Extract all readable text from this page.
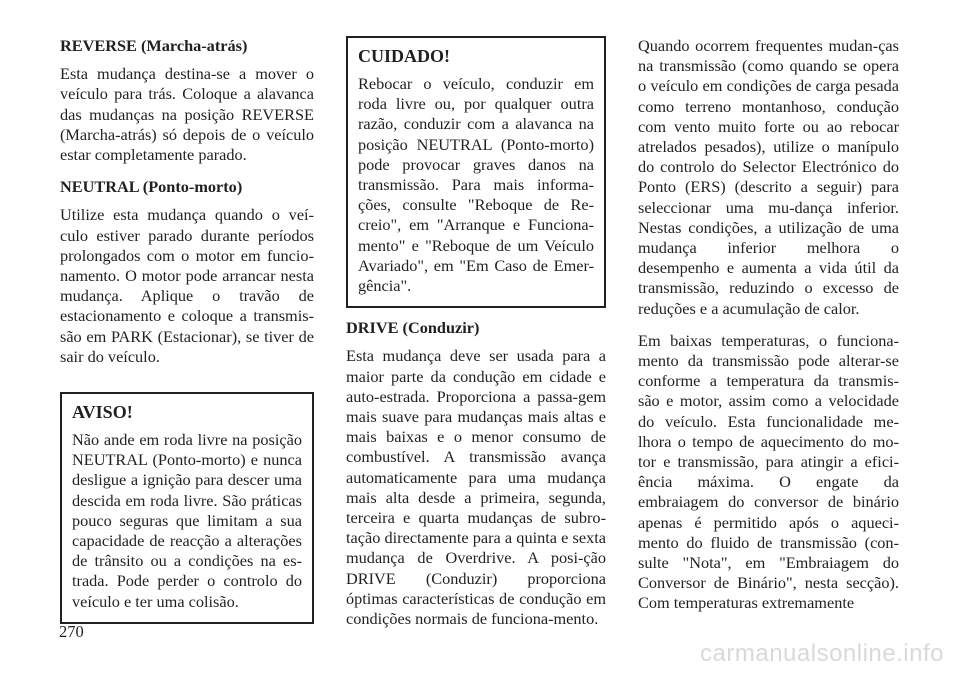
REVERSE (Marcha-atrás)

Esta mudança destina-se a mover o veículo para trás. Coloque a alavanca das mudanças na posição REVERSE (Marcha-atrás) só depois de o veículo estar completamente parado.

NEUTRAL (Ponto-morto)

Utilize esta mudança quando o veí-culo estiver parado durante períodos prolongados com o motor em funcio-namento. O motor pode arrancar nesta mudança. Aplique o travão de estacionamento e coloque a transmis-são em PARK (Estacionar), se tiver de sair do veículo.

AVISO!

Não ande em roda livre na posição NEUTRAL (Ponto-morto) e nunca desligue a ignição para descer uma descida em roda livre. São práticas pouco seguras que limitam a sua capacidade de reacção a alterações de trânsito ou a condições na es-trada. Pode perder o controlo do veículo e ter uma colisão.

CUIDADO!

Rebocar o veículo, conduzir em roda livre ou, por qualquer outra razão, conduzir com a alavanca na posição NEUTRAL (Ponto-morto) pode provocar graves danos na transmissão. Para mais informa-ções, consulte "Reboque de Re-creio", em "Arranque e Funciona-mento" e "Reboque de um Veículo Avariado", em "Em Caso de Emer-gência".

DRIVE (Conduzir)

Esta mudança deve ser usada para a maior parte da condução em cidade e auto-estrada. Proporciona a passa-gem mais suave para mudanças mais altas e mais baixas e o menor consumo de combustível. A transmissão avança automaticamente para uma mudança mais alta desde a primeira, segunda, terceira e quarta mudanças de subro-tação directamente para a quinta e sexta mudança de Overdrive. A posi-ção DRIVE (Conduzir) proporciona óptimas características de condução em condições normais de funciona-mento.

Quando ocorrem frequentes mudan-ças na transmissão (como quando se opera o veículo em condições de carga pesada como terreno montanhoso, condução com vento muito forte ou ao rebocar atrelados pesados), utilize o manípulo do controlo do Selector Electrónico do Ponto (ERS) (descrito a seguir) para seleccionar uma mu-dança inferior. Nestas condições, a utilização de uma mudança inferior melhora o desempenho e aumenta a vida útil da transmissão, reduzindo o excesso de reduções e a acumulação de calor.

Em baixas temperaturas, o funciona-mento da transmissão pode alterar-se conforme a temperatura da transmis-são e motor, assim como a velocidade do veículo. Esta funcionalidade me-lhora o tempo de aquecimento do mo-tor e transmissão, para atingir a efici-ência máxima. O engate da embraiagem do conversor de binário apenas é permitido após o aqueci-mento do fluido de transmissão (con-sulte "Nota", em "Embraiagem do Conversor de Binário", nesta secção). Com temperaturas extremamente

270
carmanualsonline.info
